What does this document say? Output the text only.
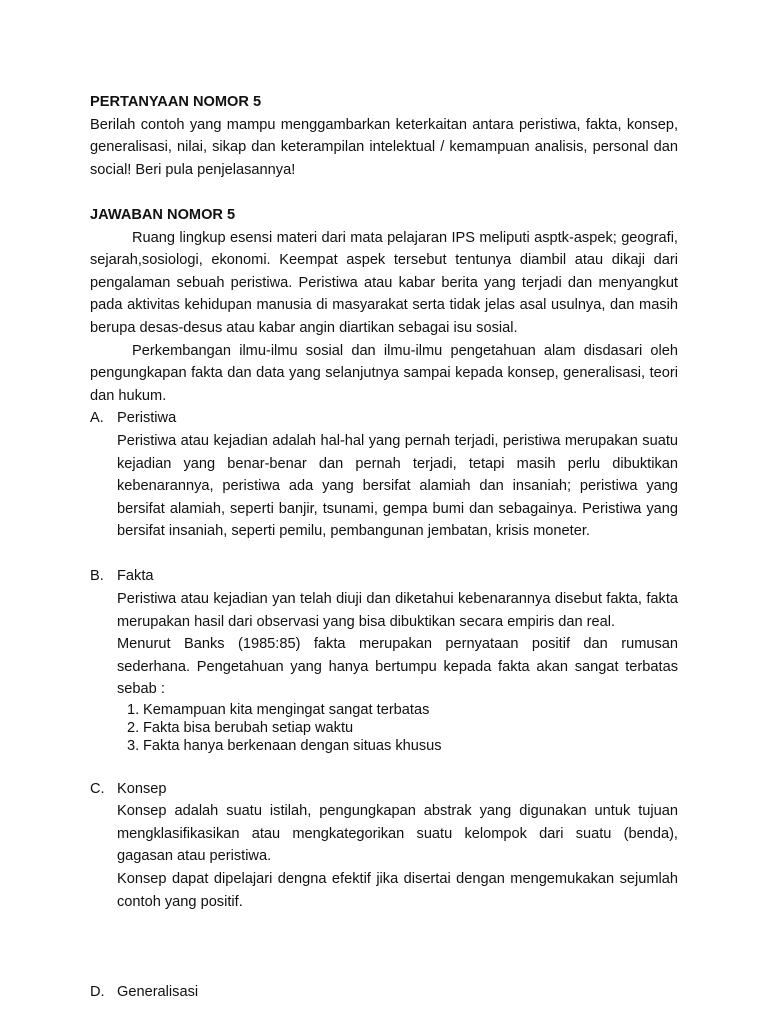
PERTANYAAN NOMOR 5

Berilah contoh yang mampu menggambarkan keterkaitan antara peristiwa, fakta, konsep, generalisasi, nilai, sikap dan keterampilan intelektual / kemampuan analisis, personal dan social! Beri pula penjelasannya!

JAWABAN NOMOR 5

Ruang lingkup esensi materi dari mata pelajaran IPS meliputi asptk-aspek; geografi, sejarah,sosiologi, ekonomi. Keempat aspek tersebut tentunya diambil atau dikaji dari pengalaman sebuah peristiwa. Peristiwa atau kabar berita yang terjadi dan menyangkut pada aktivitas kehidupan manusia di masyarakat serta tidak jelas asal usulnya, dan masih berupa desas-desus atau kabar angin diartikan sebagai isu sosial.

Perkembangan ilmu-ilmu sosial dan ilmu-ilmu pengetahuan alam disdasari oleh pengungkapan fakta dan data yang selanjutnya sampai kepada konsep, generalisasi, teori dan hukum.

A. Peristiwa

Peristiwa atau kejadian adalah hal-hal yang pernah terjadi, peristiwa merupakan suatu kejadian yang benar-benar dan pernah terjadi, tetapi masih perlu dibuktikan kebenarannya, peristiwa ada yang bersifat alamiah dan insaniah; peristiwa yang bersifat alamiah, seperti banjir, tsunami, gempa bumi dan sebagainya. Peristiwa yang bersifat insaniah, seperti pemilu, pembangunan jembatan, krisis moneter.

B. Fakta

Peristiwa atau kejadian yan telah diuji dan diketahui kebenarannya disebut fakta, fakta merupakan hasil dari observasi yang bisa dibuktikan secara empiris dan real.

Menurut Banks (1985:85) fakta merupakan pernyataan positif dan rumusan sederhana. Pengetahuan yang hanya bertumpu kepada fakta akan sangat terbatas sebab :

1. Kemampuan kita mengingat sangat terbatas
2. Fakta bisa berubah setiap waktu
3. Fakta hanya berkenaan dengan situas khusus
C. Konsep

Konsep adalah suatu istilah, pengungkapan abstrak yang digunakan untuk tujuan mengklasifikasikan atau mengkategorikan suatu kelompok dari suatu (benda), gagasan atau peristiwa.

Konsep dapat dipelajari dengna efektif jika disertai dengan mengemukakan sejumlah contoh yang positif.

D. Generalisasi
